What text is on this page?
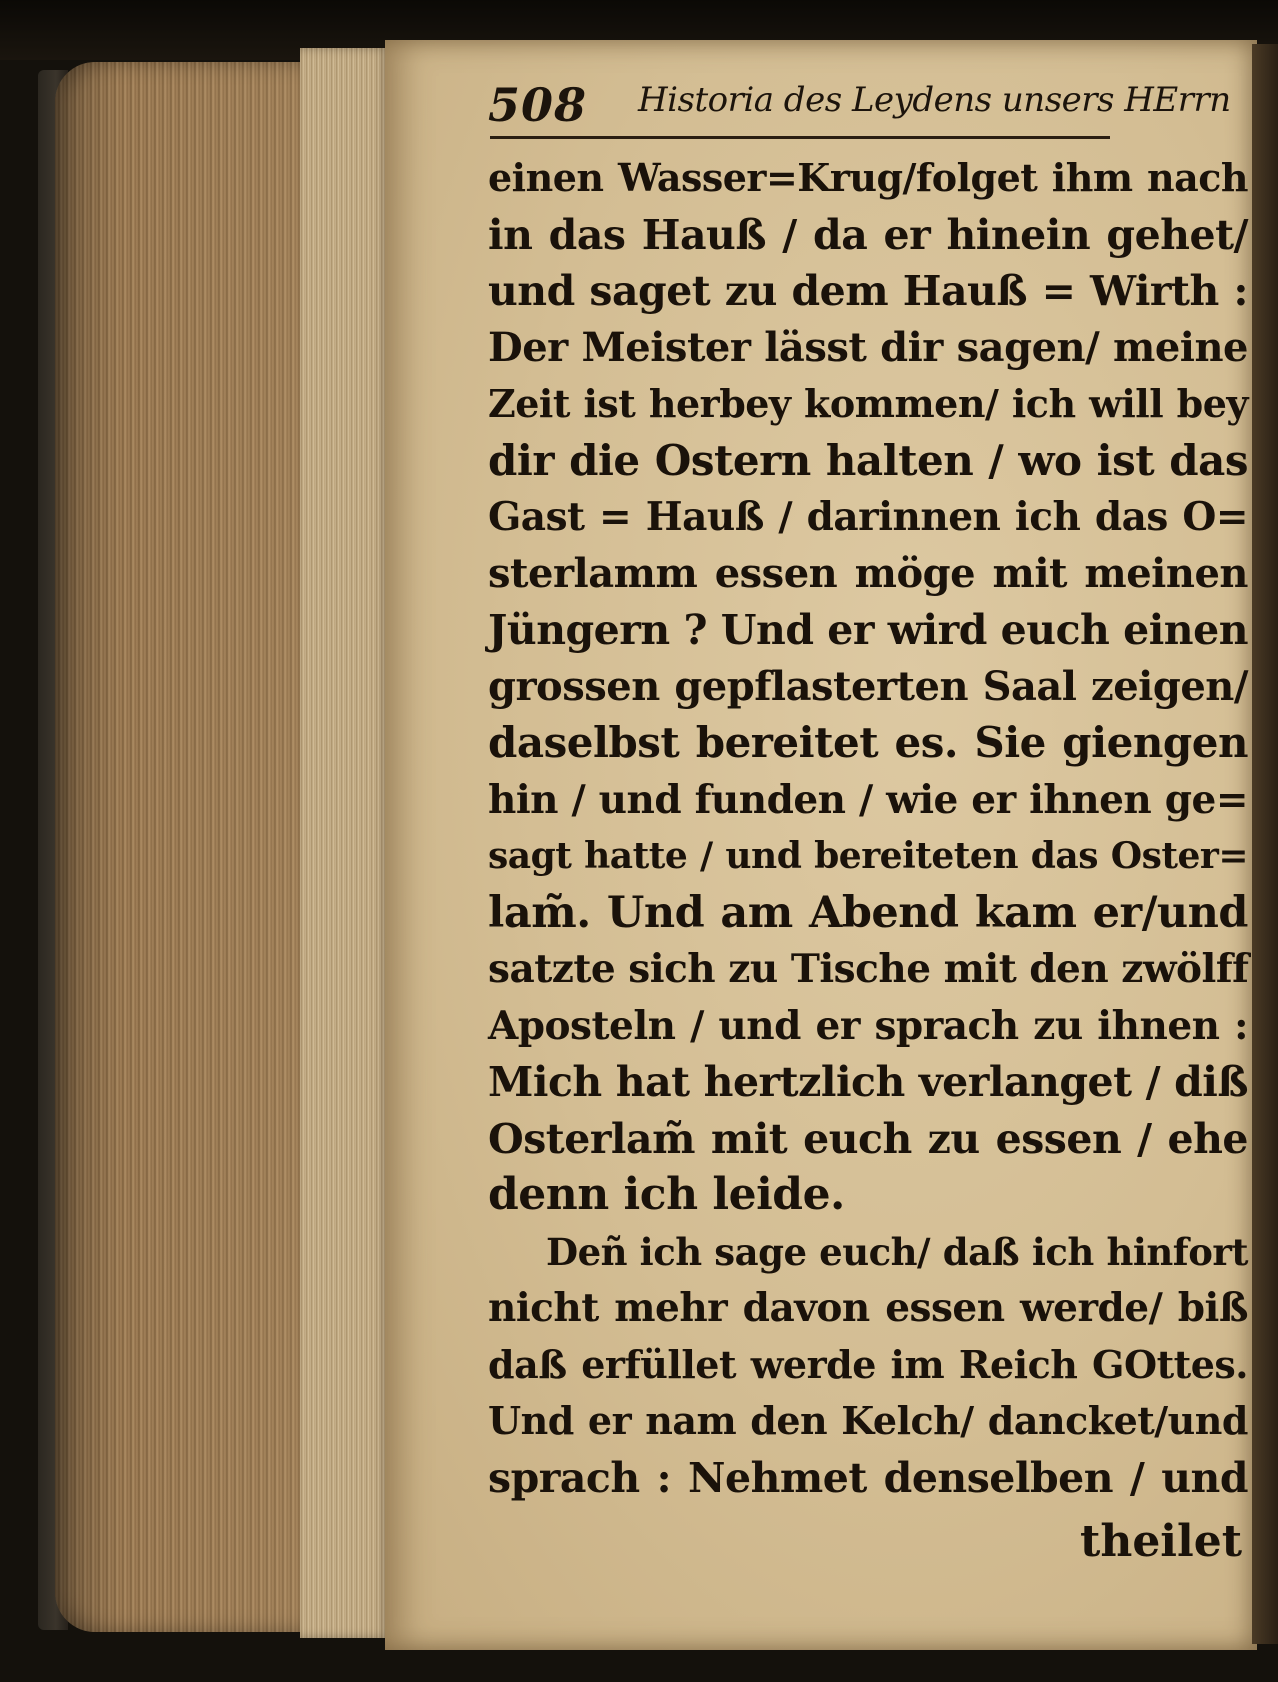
508 Historia des Leydens unsers HErrn
einen Wasser=Krug/folget ihm nach
in das Hauß / da er hinein gehet/
und saget zu dem Hauß = Wirth :
Der Meister lässt dir sagen/ meine
Zeit ist herbey kommen/ ich will bey
dir die Ostern halten / wo ist das
Gast = Hauß / darinnen ich das O=
sterlamm essen möge mit meinen
Jüngern ? Und er wird euch einen
grossen gepflasterten Saal zeigen/
daselbst bereitet es. Sie giengen
hin / und funden / wie er ihnen ge=
sagt hatte / und bereiteten das Oster=
lam̃. Und am Abend kam er/und
satzte sich zu Tische mit den zwölff
Aposteln / und er sprach zu ihnen :
Mich hat hertzlich verlanget / diß
Osterlam̃ mit euch zu essen / ehe
denn ich leide.
Deñ ich sage euch/ daß ich hinfort
nicht mehr davon essen werde/ biß
daß erfüllet werde im Reich GOttes.
Und er nam den Kelch/ dancket/und
sprach : Nehmet denselben / und
theilet
